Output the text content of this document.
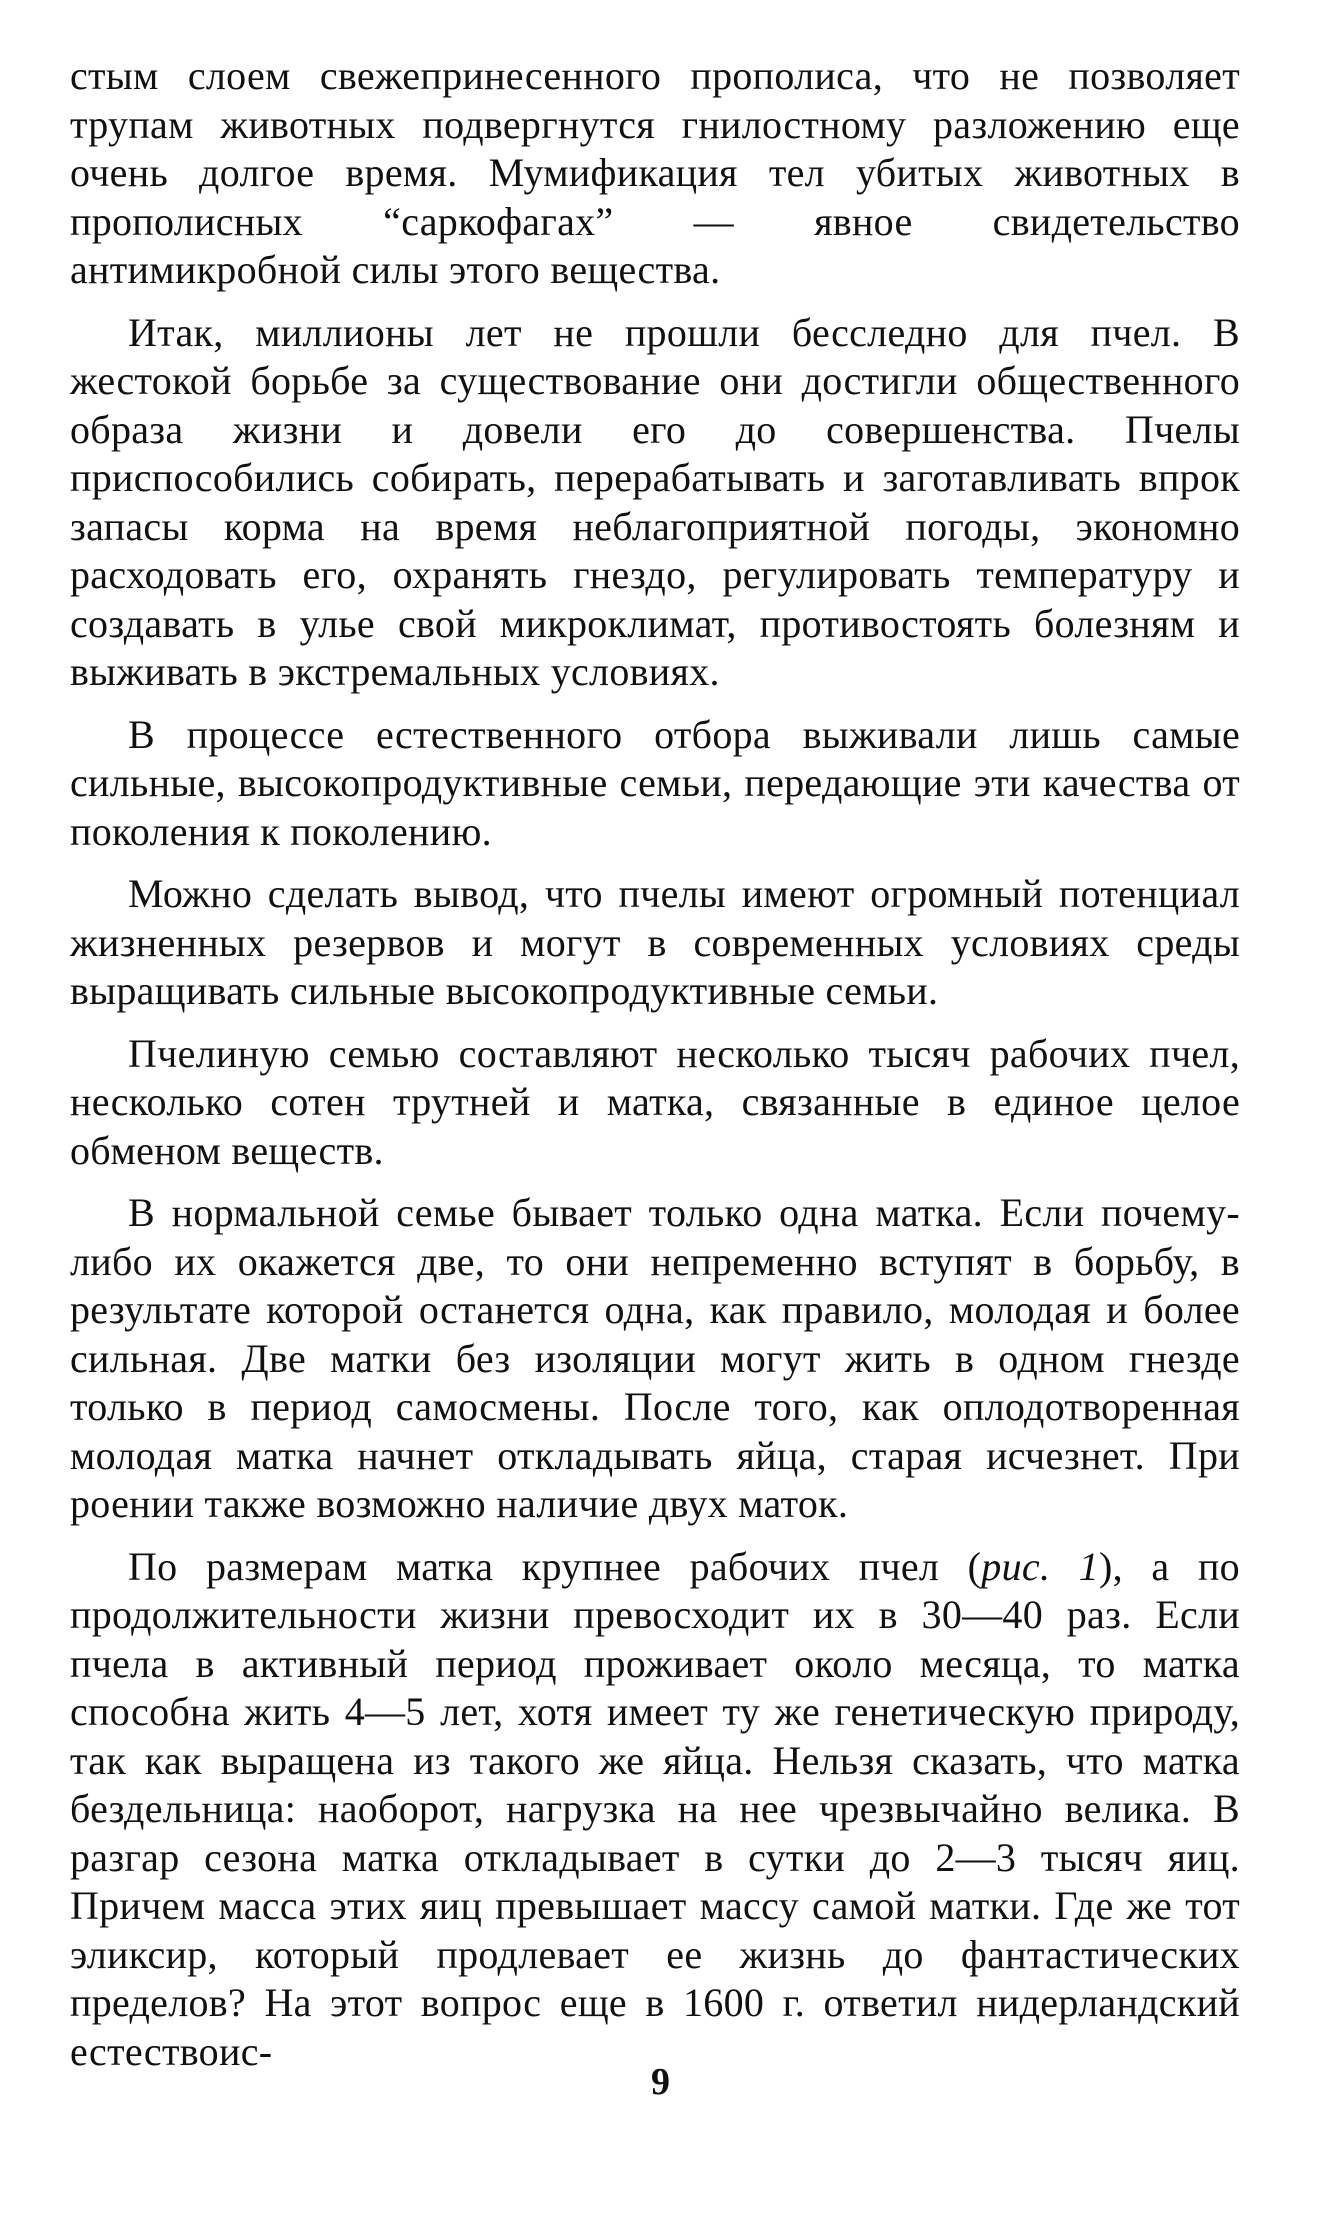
стым слоем свежепринесенного прополиса, что не позволяет трупам животных подвергнутся гнилостному разложению еще очень долгое время. Мумификация тел убитых животных в прополисных “саркофагах” — явное свидетельство антимикробной силы этого вещества.

Итак, миллионы лет не прошли бесследно для пчел. В жестокой борьбе за существование они достигли общественного образа жизни и довели его до совершенства. Пчелы приспособились собирать, перерабатывать и заготавливать впрок запасы корма на время неблагоприятной погоды, экономно расходовать его, охранять гнездо, регулировать температуру и создавать в улье свой микроклимат, противостоять болезням и выживать в экстремальных условиях.

В процессе естественного отбора выживали лишь самые сильные, высокопродуктивные семьи, передающие эти качества от поколения к поколению.

Можно сделать вывод, что пчелы имеют огромный потенциал жизненных резервов и могут в современных условиях среды выращивать сильные высокопродуктивные семьи.

Пчелиную семью составляют несколько тысяч рабочих пчел, несколько сотен трутней и матка, связанные в единое целое обменом веществ.

В нормальной семье бывает только одна матка. Если почему-либо их окажется две, то они непременно вступят в борьбу, в результате которой останется одна, как правило, молодая и более сильная. Две матки без изоляции могут жить в одном гнезде только в период самосмены. После того, как оплодотворенная молодая матка начнет откладывать яйца, старая исчезнет. При роении также возможно наличие двух маток.

По размерам матка крупнее рабочих пчел (рис. 1), а по продолжительности жизни превосходит их в 30—40 раз. Если пчела в активный период проживает около месяца, то матка способна жить 4—5 лет, хотя имеет ту же генетическую природу, так как выращена из такого же яйца. Нельзя сказать, что матка бездельница: наоборот, нагрузка на нее чрезвычайно велика. В разгар сезона матка откладывает в сутки до 2—3 тысяч яиц. Причем масса этих яиц превышает массу самой матки. Где же тот эликсир, который продлевает ее жизнь до фантастических пределов? На этот вопрос еще в 1600 г. ответил нидерландский естествоис-

9
